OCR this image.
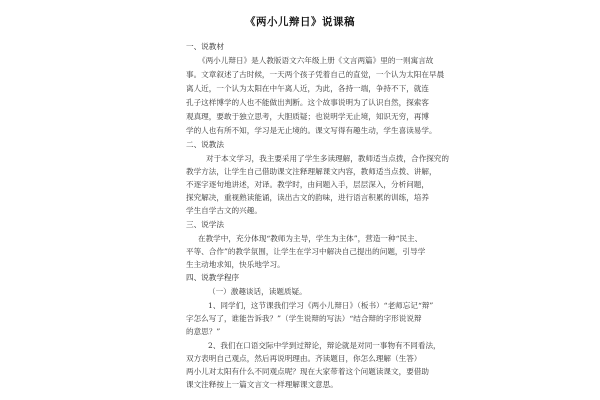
《两小儿辩日》说课稿
一、说教材
《两小儿辩日》是人教版语文六年级上册《文言两篇》里的一则寓言故
事。文章叙述了古时候，一天两个孩子凭着自己的直觉，一个认为太阳在早晨
离人近，一个认为太阳在中午离人近，为此，各持一端，争持不下，就连
孔子这样博学的人也不能做出判断。这个故事说明为了认识自然，探索客
观真理，要敢于独立思考，大胆质疑；也说明学无止境，知识无穷，再博
学的人也有所不知，学习是无止境的。课文写得有趣生动，学生喜读易学。
二、说教法
对于本文学习，我主要采用了学生多读理解，教师适当点拨，合作探究的
教学方法，让学生自己借助课文注释理解课文内容，教师适当点拨、讲解，
不逐字逐句地讲述，对译。教学时，由问题入手，层层深入，分析问题，
探究解决，重视熟读能诵，读出古文的韵味，进行语言积累的训练，培养
学生自学古文的兴趣。
三、说学法
在教学中，充分体现“教师为主导，学生为主体”，营造一种“民主、
平等、合作”的教学氛围，让学生在学习中解决自己提出的问题，引导学
生主动地求知，快乐地学习。
四、说教学程序
（一）激趣谈话，读题质疑。
1、同学们，这节课我们学习《两小儿辩日》（板书）“老师忘记“辩”
字怎么写了，谁能告诉我？”（学生说辩的写法）“结合辩的字形说说辩
的意思？”
2、我们在口语交际中学到过辩论，辩论就是对同一事物有不同看法，
双方表明自己观点，然后再说明理由。齐读题目，你怎么理解（生答）
两小儿对太阳有什么不同观点呢？现在大家带着这个问题读课文，要借助
课文注释按上一篇文言文一样理解课文意思。
